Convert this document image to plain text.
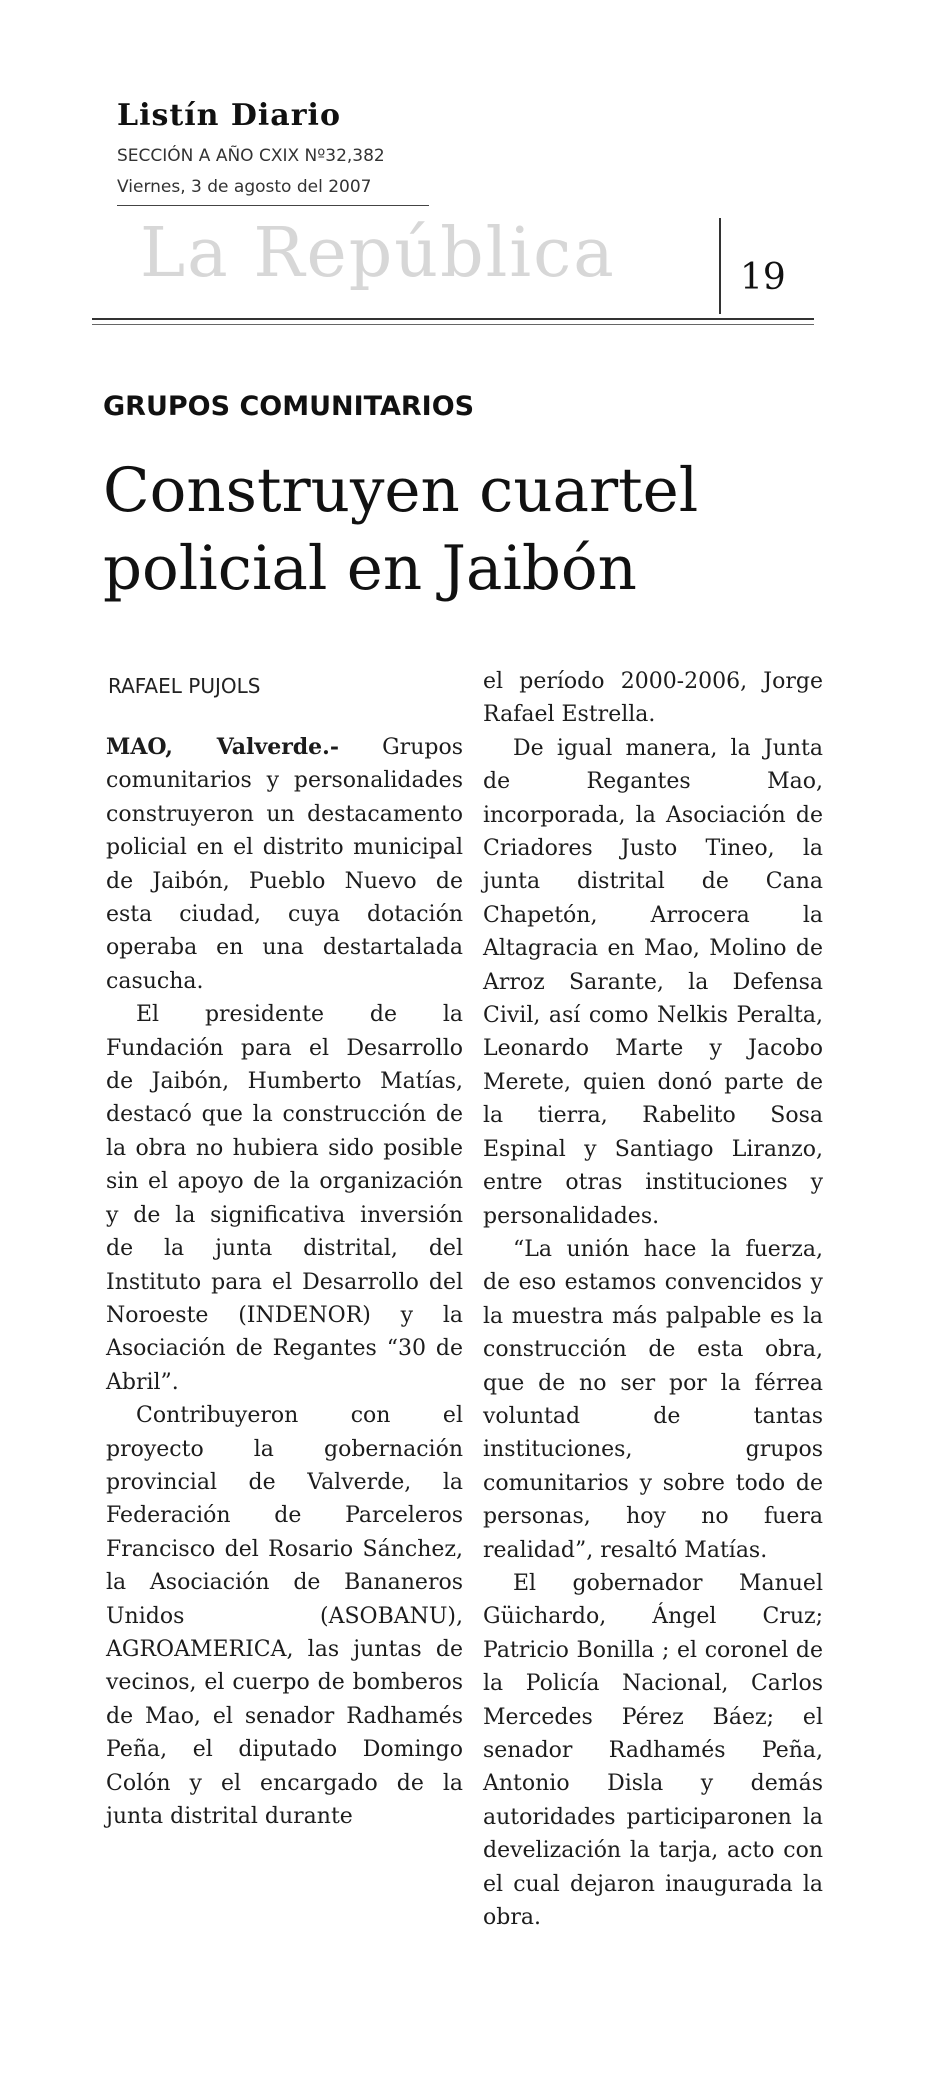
Listín Diario
SECCIÓN A AÑO CXIX Nº32,382
Viernes, 3 de agosto del 2007
La República	19
GRUPOS COMUNITARIOS
Construyen cuartel policial en Jaibón
RAFAEL PUJOLS

MAO, Valverde.- Grupos comunitarios y personalidades construyeron un destacamento policial en el distrito municipal de Jaibón, Pueblo Nuevo de esta ciudad, cuya dotación operaba en una destartalada casucha.

El presidente de la Fundación para el Desarrollo de Jaibón, Humberto Matías, destacó que la construcción de la obra no hubiera sido posible sin el apoyo de la organización y de la significativa inversión de la junta distrital, del Instituto para el Desarrollo del Noroeste (INDENOR) y la Asociación de Regantes “30 de Abril”.

Contribuyeron con el proyecto la gobernación provincial de Valverde, la Federación de Parceleros Francisco del Rosario Sánchez, la Asociación de Bananeros Unidos (ASOBANU), AGROAMERICA, las juntas de vecinos, el cuerpo de bomberos de Mao, el senador Radhamés Peña, el diputado Domingo Colón y el encargado de la junta distrital durante

el período 2000-2006, Jorge Rafael Estrella.

De igual manera, la Junta de Regantes Mao, incorporada, la Asociación de Criadores Justo Tineo, la junta distrital de Cana Chapetón, Arrocera la Altagracia en Mao, Molino de Arroz Sarante, la Defensa Civil, así como Nelkis Peralta, Leonardo Marte y Jacobo Merete, quien donó parte de la tierra, Rabelito Sosa Espinal y Santiago Liranzo, entre otras instituciones y personalidades.

“La unión hace la fuerza, de eso estamos convencidos y la muestra más palpable es la construcción de esta obra, que de no ser por la férrea voluntad de tantas instituciones, grupos comunitarios y sobre todo de personas, hoy no fuera realidad”, resaltó Matías.

El gobernador Manuel Güichardo, Ángel Cruz; Patricio Bonilla ; el coronel de la Policía Nacional, Carlos Mercedes Pérez Báez; el senador Radhamés Peña, Antonio Disla y demás autoridades participaronen la develización la tarja, acto con el cual dejaron inaugurada la obra.
